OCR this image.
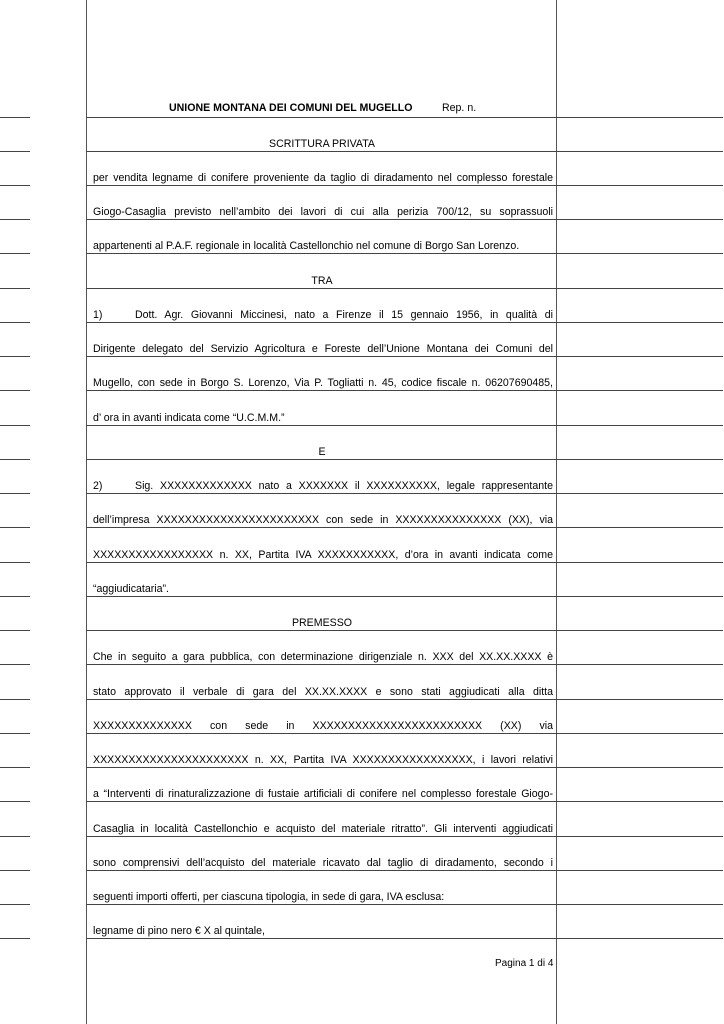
UNIONE MONTANA DEI COMUNI DEL MUGELLO	Rep. n.
SCRITTURA PRIVATA
per vendita legname di conifere proveniente da taglio di diradamento nel complesso forestale
Giogo-Casaglia previsto nell’ambito dei lavori di cui alla perizia 700/12, su soprassuoli
appartenenti al P.A.F. regionale in località Castellonchio nel comune di Borgo San Lorenzo.
TRA
1)	Dott. Agr. Giovanni Miccinesi, nato a Firenze il 15 gennaio 1956, in qualità di
Dirigente delegato del Servizio Agricoltura e Foreste dell’Unione Montana dei Comuni del
Mugello, con sede in Borgo S. Lorenzo, Via P. Togliatti n. 45, codice fiscale n. 06207690485,
d’ ora in avanti indicata come “U.C.M.M.”
E
2)	Sig. XXXXXXXXXXXXX nato a XXXXXXX il XXXXXXXXXX, legale rappresentante
dell’impresa XXXXXXXXXXXXXXXXXXXXXXX con sede in XXXXXXXXXXXXXXX (XX), via
XXXXXXXXXXXXXXXXX n. XX, Partita IVA XXXXXXXXXXX, d’ora in avanti indicata come
“aggiudicataria”.
PREMESSO
Che in seguito a gara pubblica, con determinazione dirigenziale n. XXX del XX.XX.XXXX è
stato approvato il verbale di gara del XX.XX.XXXX e sono stati aggiudicati alla ditta
XXXXXXXXXXXXXX con sede in XXXXXXXXXXXXXXXXXXXXXXXX (XX) via
XXXXXXXXXXXXXXXXXXXXXX n. XX, Partita IVA XXXXXXXXXXXXXXXXX, i lavori relativi
a “Interventi di rinaturalizzazione di fustaie artificiali di conifere nel complesso forestale Giogo-
Casaglia in località Castellonchio e acquisto del materiale ritratto”. Gli interventi aggiudicati
sono comprensivi dell’acquisto del materiale ricavato dal taglio di diradamento, secondo i
seguenti importi offerti, per ciascuna tipologia, in sede di gara, IVA esclusa:
legname di pino nero € X al quintale,
Pagina 1 di 4
